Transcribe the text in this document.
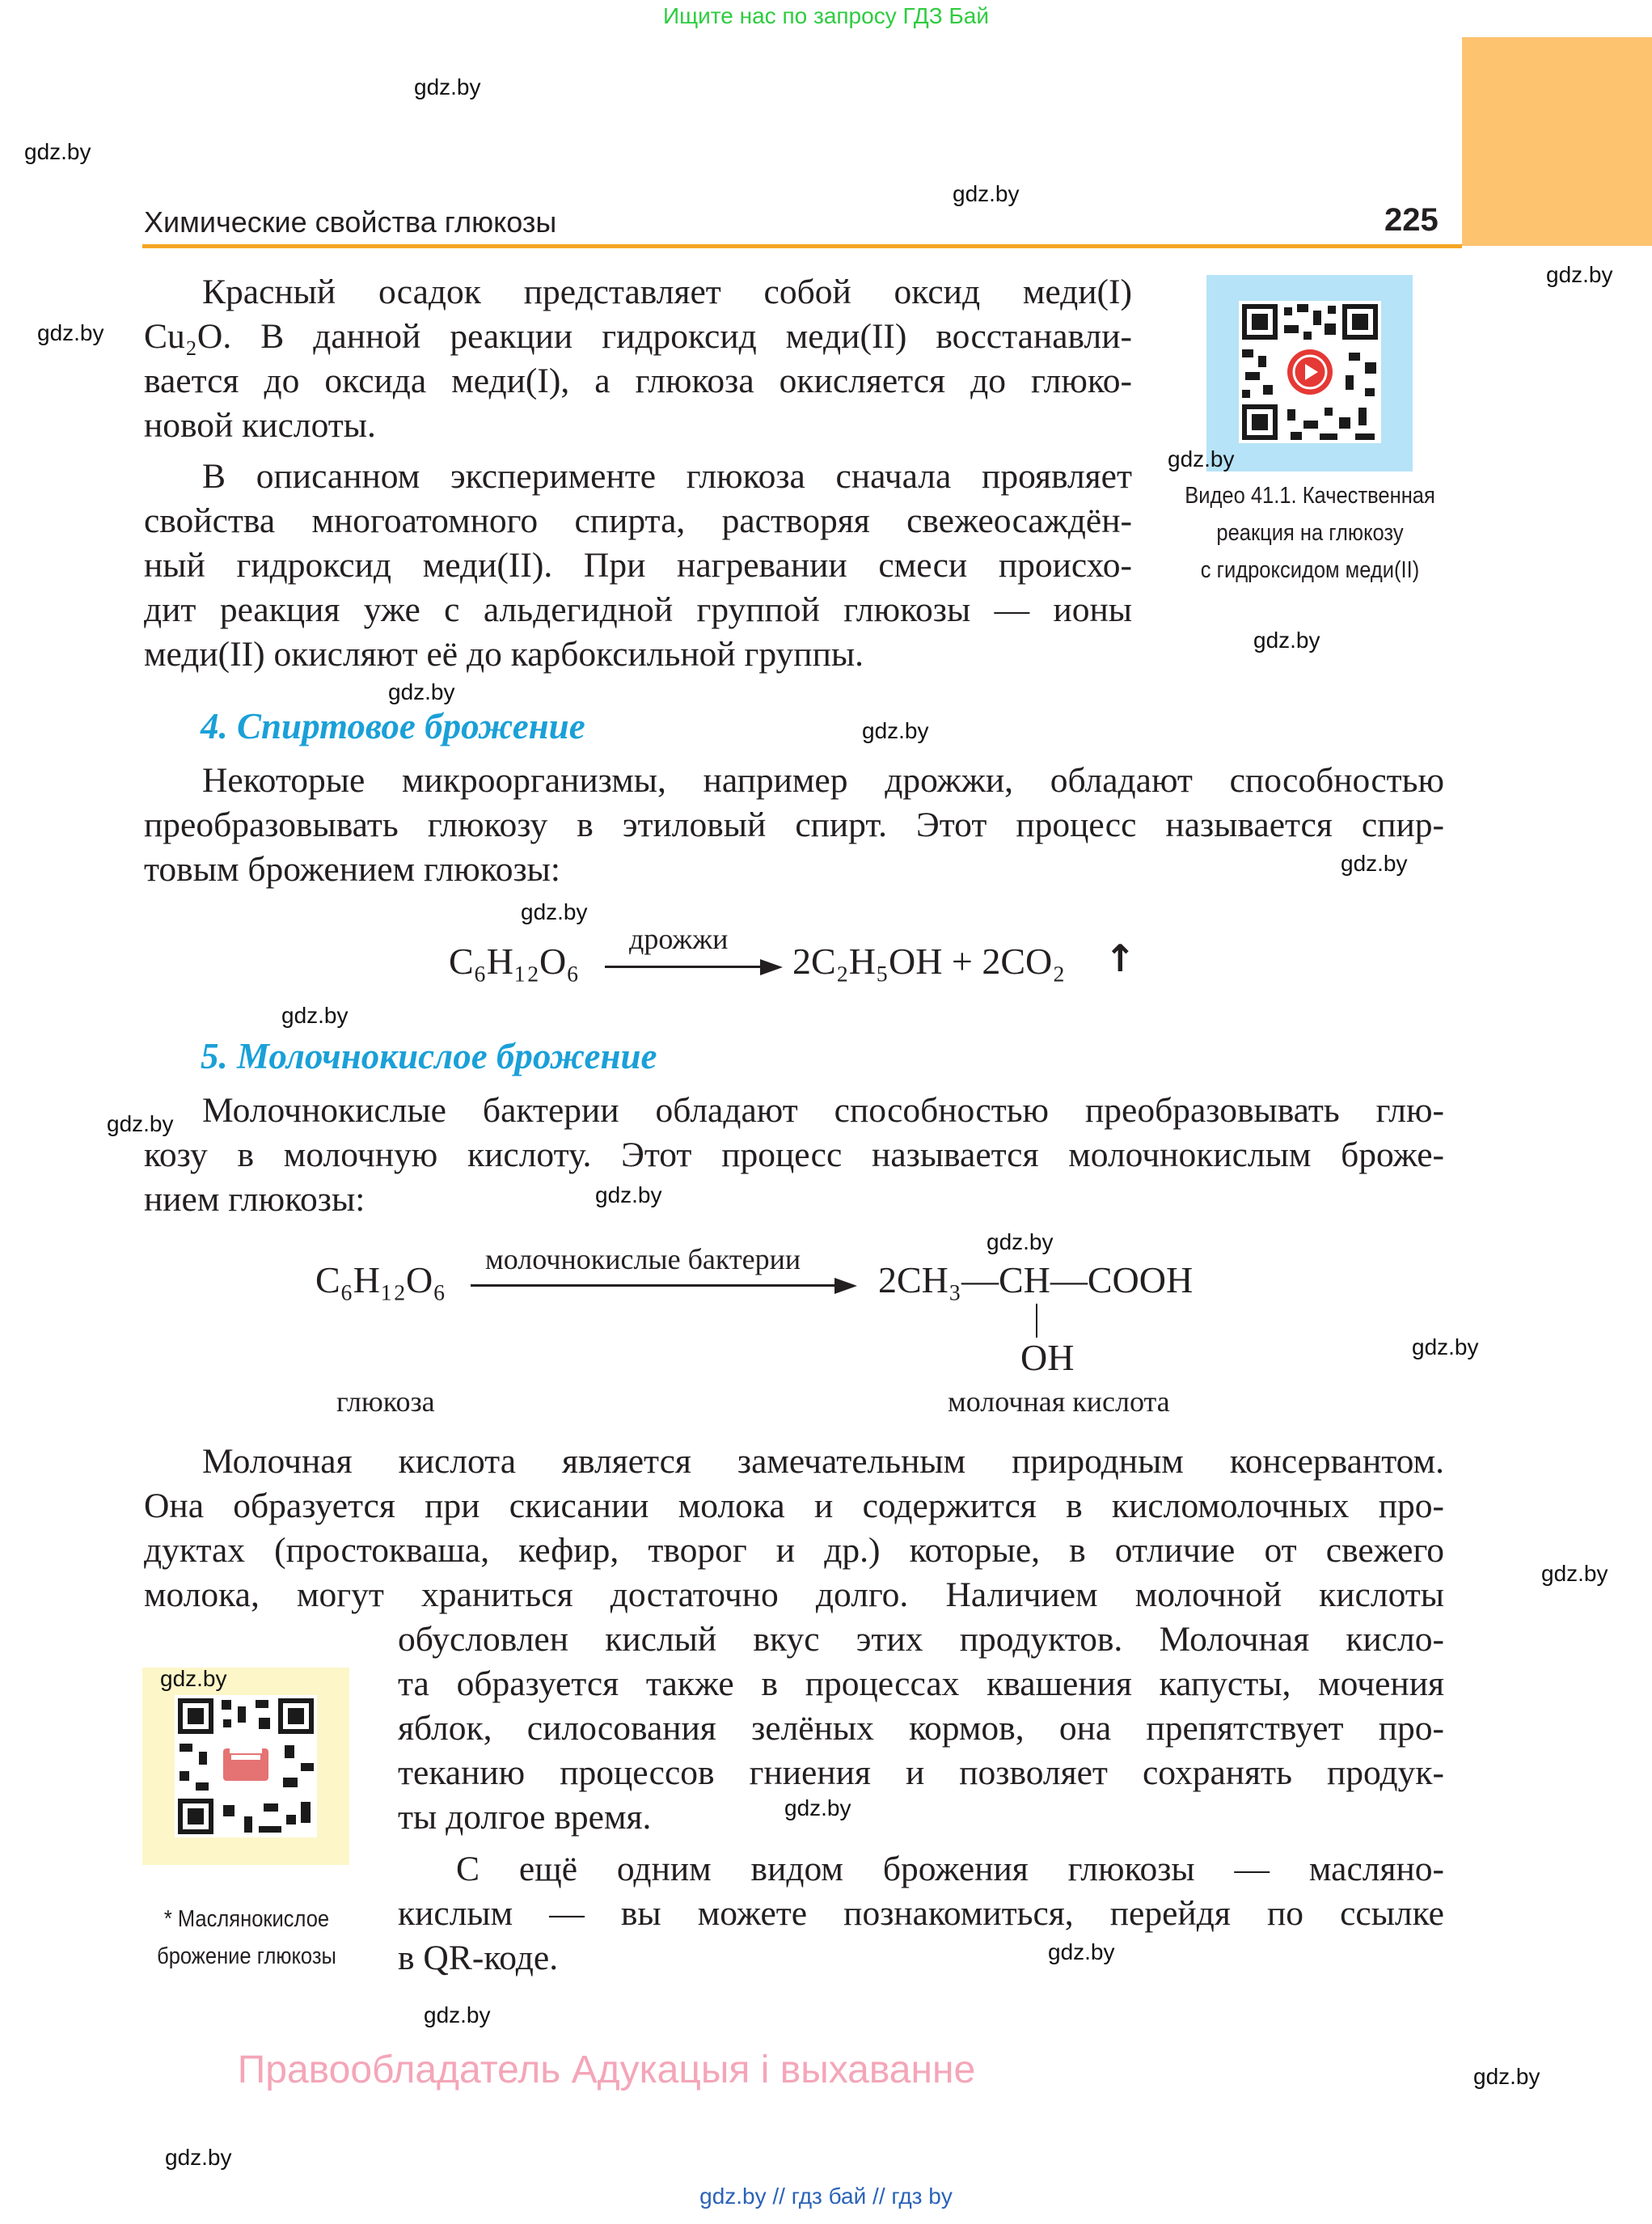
Ищите нас по запросу ГДЗ Бай
Химические свойства глюкозы	225
Красный осадок представляет собой оксид меди(I)
Cu₂O. В данной реакции гидроксид меди(II) восстанавли-
вается до оксида меди(I), а глюкоза окисляется до глюко-
новой кислоты.
В описанном эксперименте глюкоза сначала проявляет
свойства многоатомного спирта, растворяя свежеосаждён-
ный гидроксид меди(II). При нагревании смеси происхо-
дит реакция уже с альдегидной группой глюкозы — ионы
меди(II) окисляют её до карбоксильной группы.
Видео 41.1. Качественная
реакция на глюкозу
с гидроксидом меди(II)
4. Спиртовое брожение
Некоторые микроорганизмы, например дрожжи, обладают способностью
преобразовывать глюкозу в этиловый спирт. Этот процесс называется спир-
товым брожением глюкозы:
C₆H₁₂O₆
дрожжи
2C₂H₅OH + 2CO₂ ↑
5. Молочнокислое брожение
Молочнокислые бактерии обладают способностью преобразовывать глю-
козу в молочную кислоту. Этот процесс называется молочнокислым броже-
нием глюкозы:
C₆H₁₂O₆ молочнокислые бактерии 2CH₃—CH—COOH
OH
глюкоза	молочная кислота
Молочная кислота является замечательным природным консервантом.
Она образуется при скисании молока и содержится в кисломолочных про-
дуктах (простокваша, кефир, творог и др.) которые, в отличие от свежего
молока, могут храниться достаточно долго. Наличием молочной кислоты
обусловлен кислый вкус этих продуктов. Молочная кисло-
та образуется также в процессах квашения капусты, мочения
яблок, силосования зелёных кормов, она препятствует про-
теканию процессов гниения и позволяет сохранять продук-
ты долгое время.
С ещё одним видом брожения глюкозы — масляно-
кислым — вы можете познакомиться, перейдя по ссылке
в QR-коде.
* Маслянокислое
брожение глюкозы
Правообладатель Адукацыя і выхаванне
gdz.by // гдз бай // гдз by
gdz.by
gdz.by
gdz.by
gdz.by
gdz.by
gdz.by
gdz.by
gdz.by
gdz.by
gdz.by
gdz.by
gdz.by
gdz.by
gdz.by
gdz.by
gdz.by
gdz.by
gdz.by
gdz.by
gdz.by
gdz.by
gdz.by
gdz.by
